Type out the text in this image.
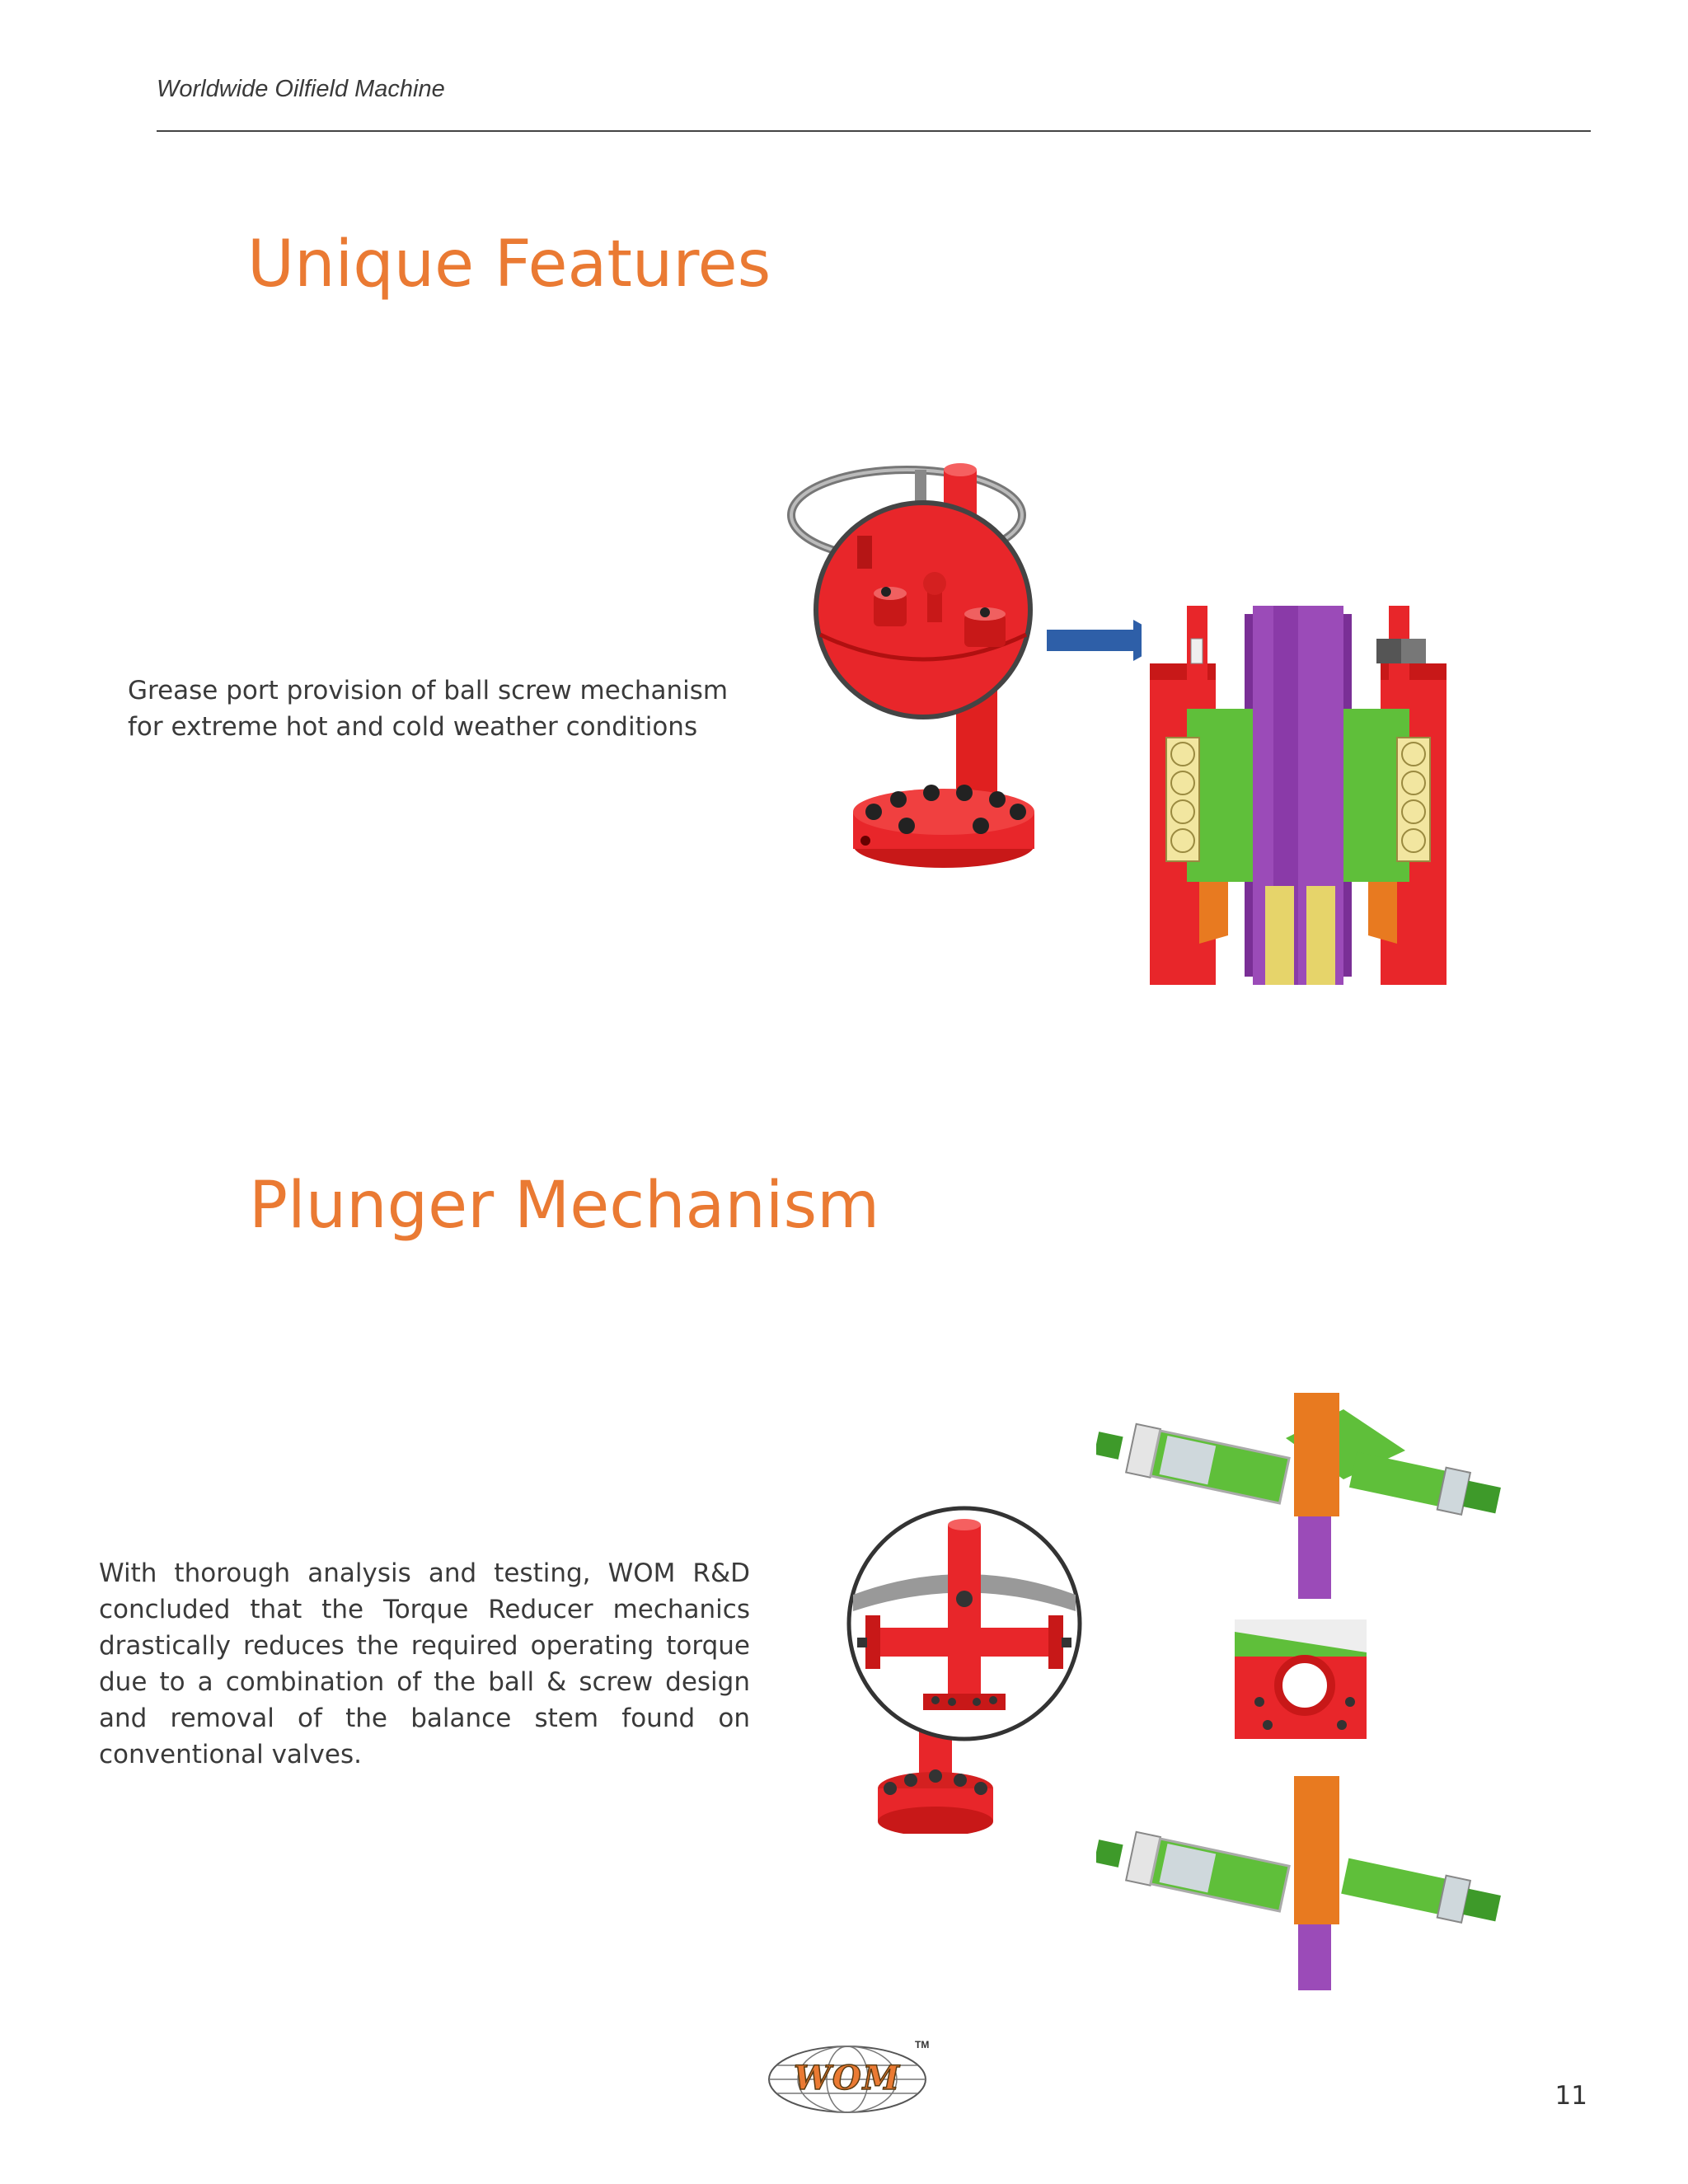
Worldwide Oilfield Machine
Unique Features
Grease port provision of ball screw mechanism
for extreme hot and cold weather conditions
Plunger Mechanism
With thorough analysis and testing, WOM R&D concluded that the Torque Reducer mechanics drastically reduces the required operating torque due to a combination of the ball & screw design and removal of the balance stem found on conventional valves.
WOM
TM
11
